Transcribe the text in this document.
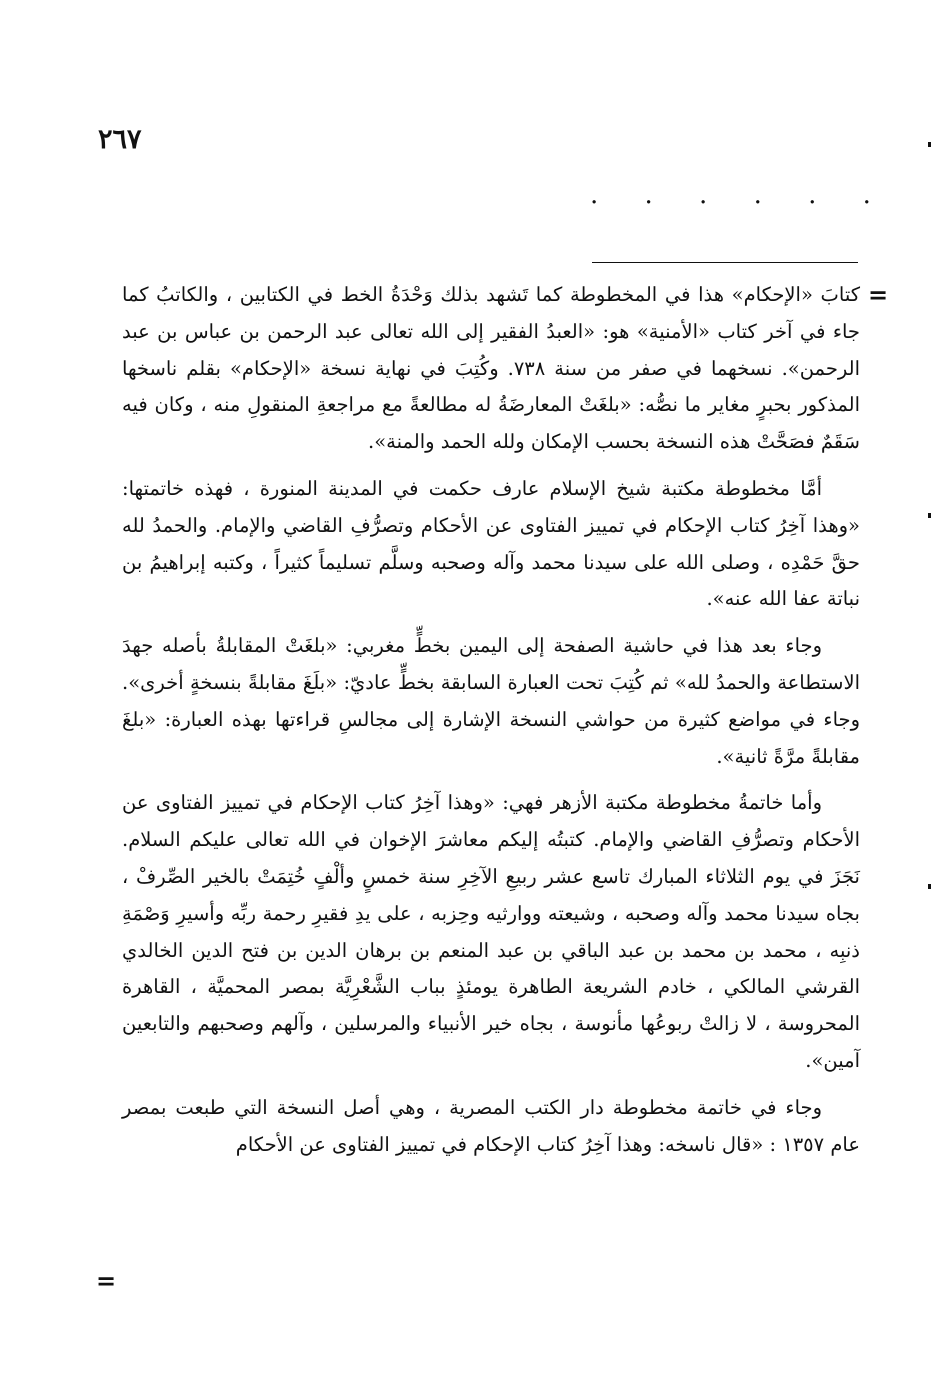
٢٦٧
. . . . . .
=
=

كتابَ «الإحكام» هذا في المخطوطة كما تَشهد بذلك وَحْدَةُ الخط في الكتابين ، والكاتبُ كما جاء في آخر كتاب «الأمنية» هو: «العبدُ الفقير إلى الله تعالى عبد الرحمن بن عباس بن عبد الرحمن». نسخهما في صفر من سنة ٧٣٨. وكُتِبَ في نهاية نسخة «الإحكام» بقلم ناسخها المذكور بحبرٍ مغاير ما نصُّه: «بلغَتْ المعارضَةُ له مطالعةً مع مراجعةِ المنقولِ منه ، وكان فيه سَقَمٌ فصَحَّتْ هذه النسخة بحسب الإمكان ولله الحمد والمنة».

أمَّا مخطوطة مكتبة شيخ الإسلام عارف حكمت في المدينة المنورة ، فهذه خاتمتها: «وهذا آخِرُ كتاب الإحكام في تمييز الفتاوى عن الأحكام وتصرُّفِ القاضي والإمام. والحمدُ لله حقَّ حَمْدِه ، وصلى الله على سيدنا محمد وآله وصحبه وسلَّم تسليماً كثيراً ، وكتبه إبراهيمُ بن نباتة عفا الله عنه».

وجاء بعد هذا في حاشية الصفحة إلى اليمين بخطٍّ مغربي: «بلغَتْ المقابلةُ بأصله جهدَ الاستطاعة والحمدُ لله» ثم كُتِبَ تحت العبارة السابقة بخطٍّ عاديّ: «بلَغَ مقابلةً بنسخةٍ أخرى». وجاء في مواضع كثيرة من حواشي النسخة الإشارة إلى مجالسِ قراءتها بهذه العبارة: «بلغَ مقابلةً مرَّةً ثانية».

وأما خاتمةُ مخطوطة مكتبة الأزهر فهي: «وهذا آخِرُ كتاب الإحكام في تمييز الفتاوى عن الأحكام وتصرُّفِ القاضي والإمام. كتبتُه إليكم معاشرَ الإخوان في الله تعالى عليكم السلام. نَجَزَ في يوم الثلاثاء المبارك تاسع عشر ربيعِ الآخِرِ سنة خمسٍ وألْفٍ خُتِمَتْ بالخير الصِّرفْ ، بجاه سيدنا محمد وآله وصحبه ، وشيعته ووارثيه وحِزبه ، على يدِ فقيرِ رحمة ربِّه وأسيرِ وَصْمَةِ ذنبِه ، محمد بن محمد بن عبد الباقي بن عبد المنعم بن برهان الدين بن فتح الدين الخالدي القرشي المالكي ، خادم الشريعة الطاهرة يومئذٍ بباب الشَّعْرِيَّة بمصر المحميَّة ، القاهرة المحروسة ، لا زالتْ ربوعُها مأنوسة ، بجاه خير الأنبياء والمرسلين ، وآلهم وصحبهم والتابعين آمين».

وجاء في خاتمة مخطوطة دار الكتب المصرية ، وهي أصل النسخة التي طبعت بمصر عام ١٣٥٧ : «قال ناسخه: وهذا آخِرُ كتاب الإحكام في تمييز الفتاوى عن الأحكام
